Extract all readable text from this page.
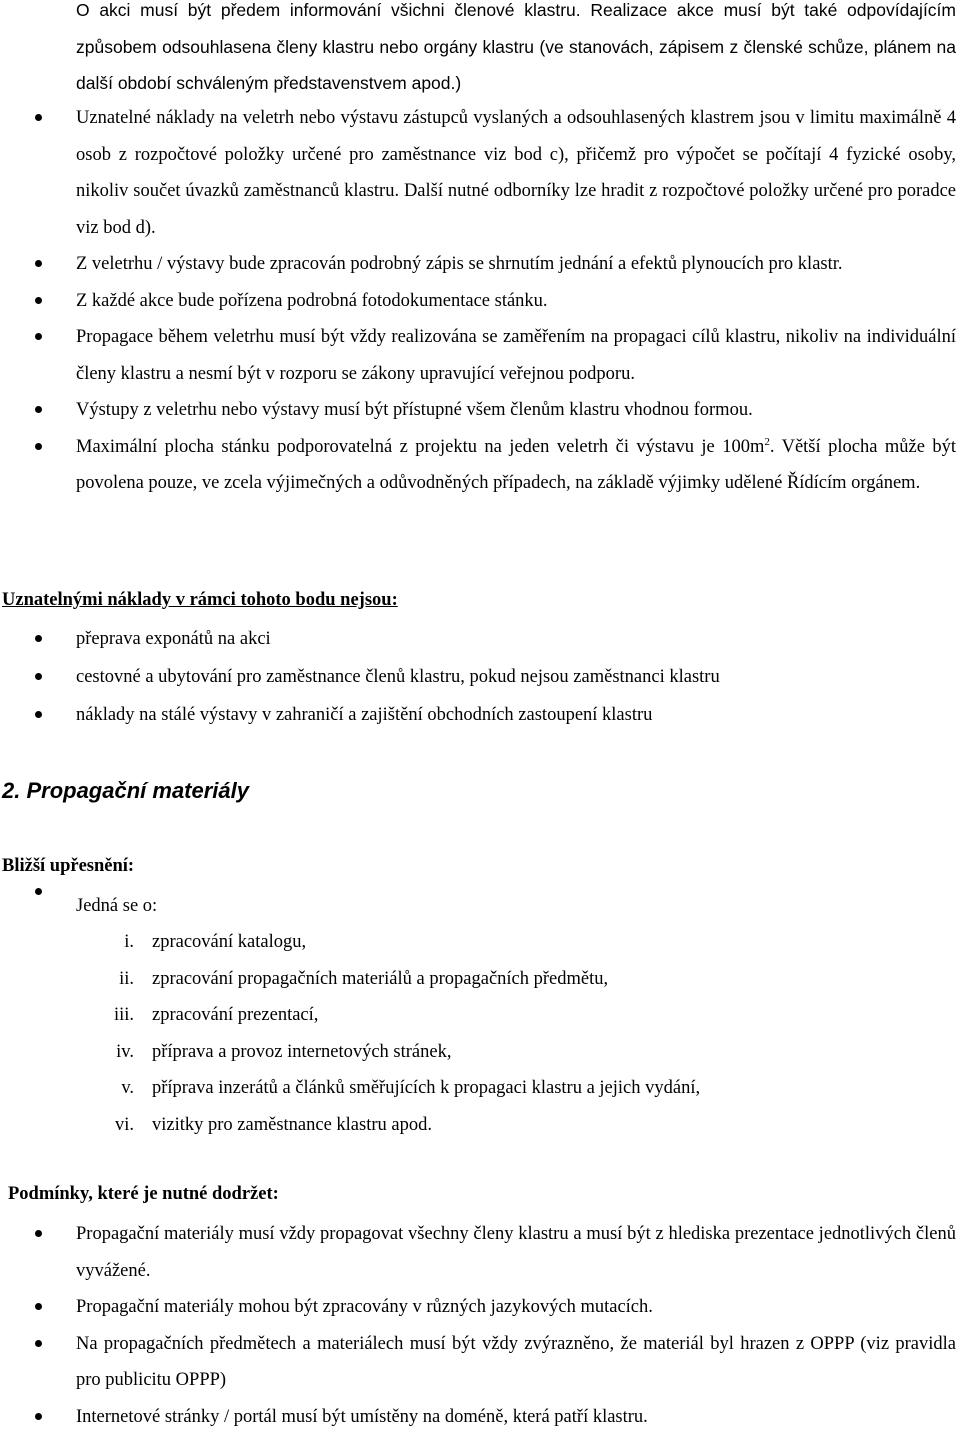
O akci musí být předem informování všichni členové klastru. Realizace akce musí být také odpovídajícím způsobem odsouhlasena členy klastru nebo orgány klastru (ve stanovách, zápisem z členské schůze, plánem na další období schváleným představenstvem apod.)
Uznatelné náklady na veletrh nebo výstavu zástupců vyslaných a odsouhlasených klastrem jsou v limitu maximálně 4 osob z rozpočtové položky určené pro zaměstnance viz bod c), přičemž pro výpočet se počítají 4 fyzické osoby, nikoliv součet úvazků zaměstnanců klastru. Další nutné odborníky lze hradit z rozpočtové položky určené pro poradce viz bod d).
Z veletrhu / výstavy bude zpracován podrobný zápis se shrnutím jednání a efektů plynoucích pro klastr.
Z každé akce bude pořízena podrobná fotodokumentace stánku.
Propagace během veletrhu musí být vždy realizována se zaměřením na propagaci cílů klastru, nikoliv na individuální členy klastru a nesmí být v rozporu se zákony upravující veřejnou podporu.
Výstupy z veletrhu nebo výstavy musí být přístupné všem členům klastru vhodnou formou.
Maximální plocha stánku podporovatelná z projektu na jeden veletrh či výstavu je $100m^2$. Větší plocha může být povolena pouze, ve zcela výjimečných a odůvodněných případech, na základě výjimky udělené Řídícím orgánem.
Uznatelnými náklady v rámci tohoto bodu nejsou:
přeprava exponátů na akci
cestovné a ubytování pro zaměstnance členů klastru, pokud nejsou zaměstnanci klastru
náklady na stálé výstavy v zahraničí a zajištění obchodních zastoupení klastru
2. Propagační materiály
Bližší upřesnění:
Jedná se o:
i. zpracování katalogu,
ii. zpracování propagačních materiálů a propagačních předmětu,
iii. zpracování prezentací,
iv. příprava a provoz internetových stránek,
v. příprava inzerátů a článků směřujících k propagaci klastru a jejich vydání,
vi. vizitky pro zaměstnance klastru apod.
Podmínky, které je nutné dodržet:
Propagační materiály musí vždy propagovat všechny členy klastru a musí být z hlediska prezentace jednotlivých členů vyvážené.
Propagační materiály mohou být zpracovány v různých jazykových mutacích.
Na propagačních předmětech a materiálech musí být vždy zvýrazněno, že materiál byl hrazen z OPPP (viz pravidla pro publicitu OPPP)
Internetové stránky / portál musí být umístěny na doméně, která patří klastru.
